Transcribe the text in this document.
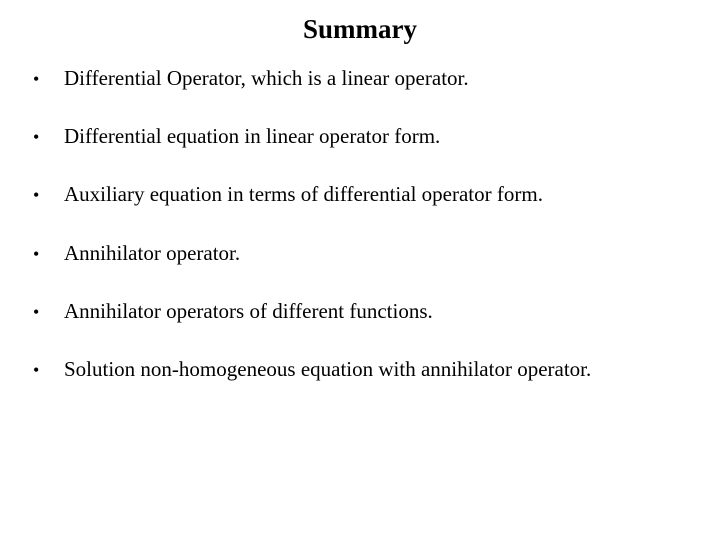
Summary
•	Differential Operator, which is a linear operator.
•	Differential equation in linear operator form.
•	Auxiliary equation in terms of differential operator form.
•	Annihilator operator.
•	Annihilator operators of different functions.
•	Solution non-homogeneous equation with annihilator operator.
